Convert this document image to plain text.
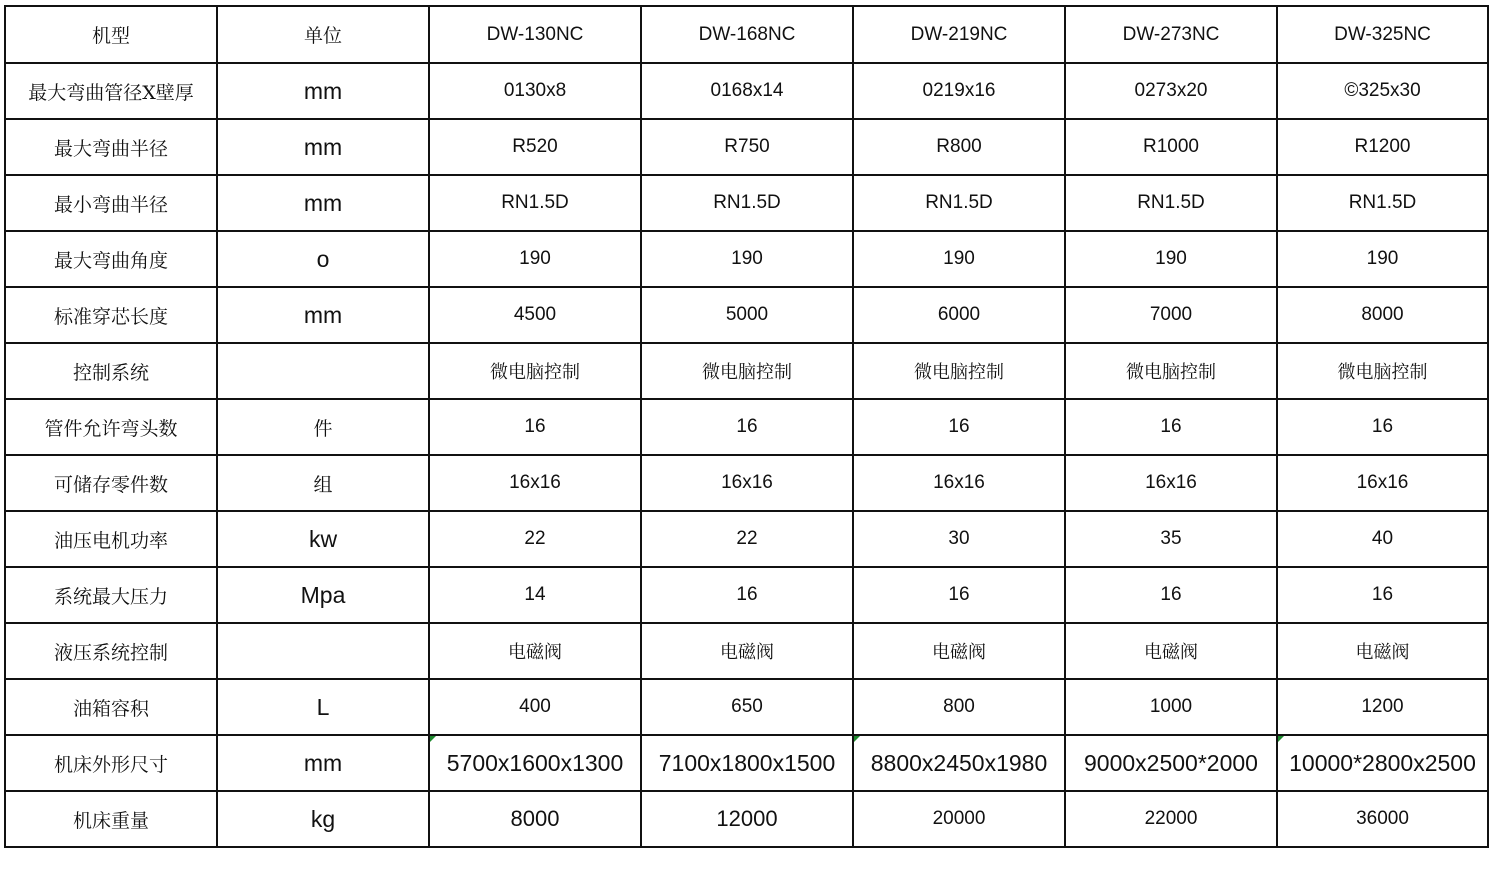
机型	单位	DW-130NC	DW-168NC	DW-219NC	DW-273NC	DW-325NC
最大弯曲管径X壁厚	mm	0130x8	0168x14	0219x16	0273x20	©325x30
最大弯曲半径	mm	R520	R750	R800	R1000	R1200
最小弯曲半径	mm	RN1.5D	RN1.5D	RN1.5D	RN1.5D	RN1.5D
最大弯曲角度	o	190	190	190	190	190
标准穿芯长度	mm	4500	5000	6000	7000	8000
控制系统		微电脑控制	微电脑控制	微电脑控制	微电脑控制	微电脑控制
管件允许弯头数	件	16	16	16	16	16
可储存零件数	组	16x16	16x16	16x16	16x16	16x16
油压电机功率	kw	22	22	30	35	40
系统最大压力	Mpa	14	16	16	16	16
液压系统控制		电磁阀	电磁阀	电磁阀	电磁阀	电磁阀
油箱容积	L	400	650	800	1000	1200
机床外形尺寸	mm	5700x1600x1300	7100x1800x1500	8800x2450x1980	9000x2500*2000	10000*2800x2500

机床重量	kg	8000	12000	20000	22000	36000
